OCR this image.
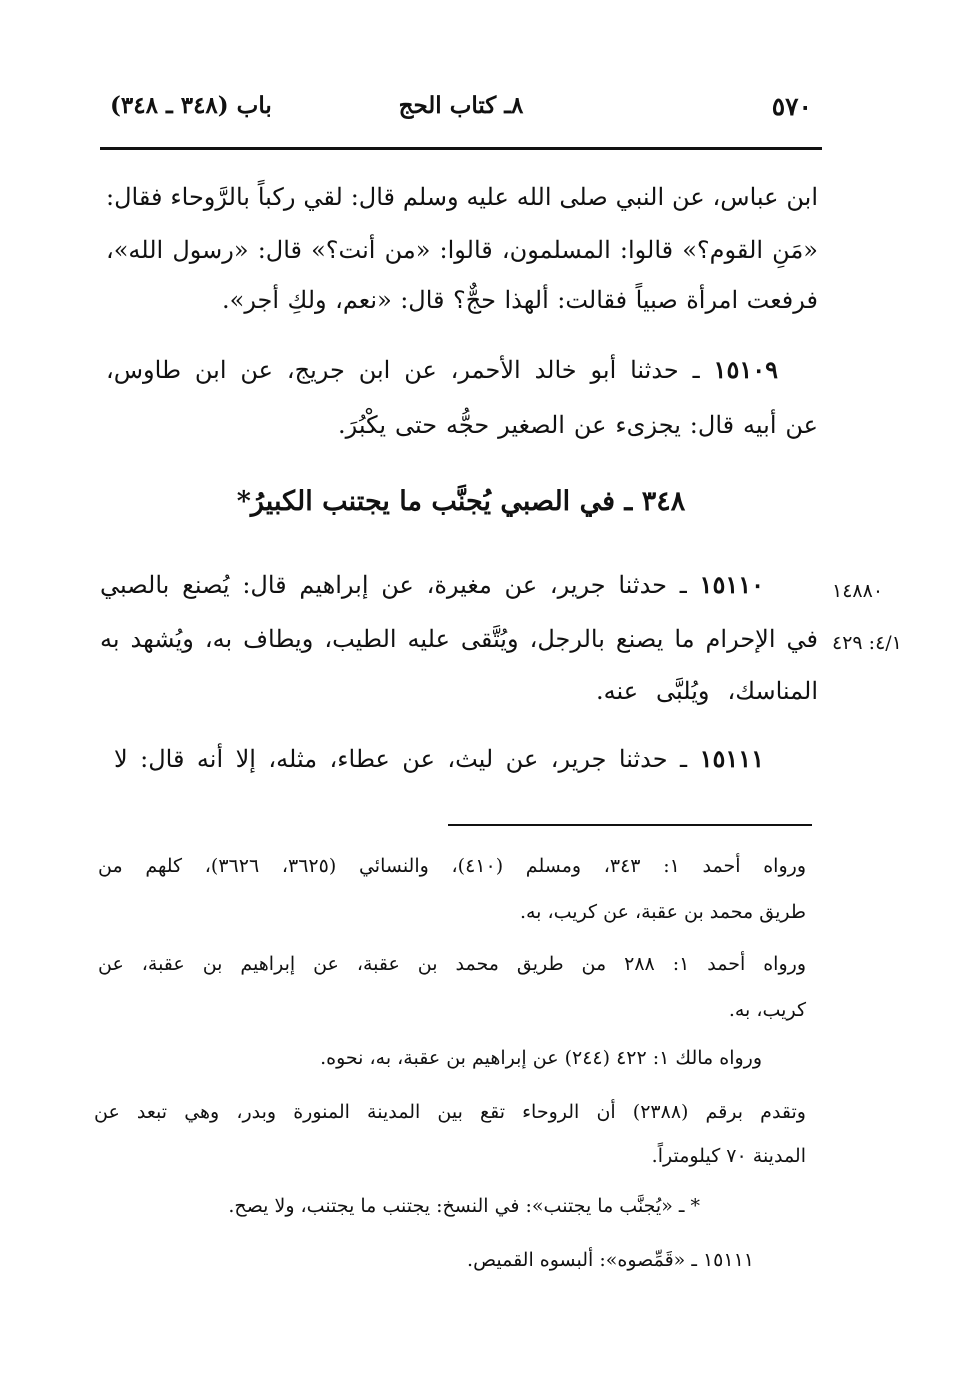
٥٧٠
٨ـ كتاب الحج
باب (٣٤٨ ـ ٣٤٨)
ابن عباس، عن النبي صلى الله عليه وسلم قال: لقي ركباً بالرَّوحاء فقال:
«مَنِ القوم؟» قالوا: المسلمون، قالوا: «من أنت؟» قال: «رسول الله»،
فرفعت امرأة صبياً فقالت: ألهذا حجٌّ؟ قال: «نعم، ولكِ أجر».
١٥١٠٩ ـ حدثنا أبو خالد الأحمر، عن ابن جريج، عن ابن طاوس،
عن أبيه قال: يجزىء عن الصغير حجُّه حتى يكْبُرَ.
٣٤٨ ـ في الصبي يُجنَّب ما يجتنب الكبيرُ*
١٥١١٠ ـ حدثنا جرير، عن مغيرة، عن إبراهيم قال: يُصنع بالصبي
في الإحرام ما يصنع بالرجل، ويُتَّقى عليه الطيب، ويطاف به، ويُشهد به
المناسك، ويُلبَّى عنه.
١٤٨٨٠
٤/١: ٤٢٩
١٥١١١ ـ حدثنا جرير، عن ليث، عن عطاء، مثله، إلا أنه قال: لا
ورواه أحمد ١: ٣٤٣، ومسلم (٤١٠)، والنسائي (٣٦٢٥، ٣٦٢٦)، كلهم من
طريق محمد بن عقبة، عن كريب، به.
ورواه أحمد ١: ٢٨٨ من طريق محمد بن عقبة، عن إبراهيم بن عقبة، عن
كريب، به.
ورواه مالك ١: ٤٢٢ (٢٤٤) عن إبراهيم بن عقبة، به، نحوه.
وتقدم برقم (٢٣٨٨) أن الروحاء تقع بين المدينة المنورة وبدر، وهي تبعد عن
المدينة ٧٠ كيلومتراً.
* ـ «يُجنَّب ما يجتنب»: في النسخ: يجتنب ما يجتنب، ولا يصح.
١٥١١١ ـ «قَمِّصوه»: ألبسوه القميص.
